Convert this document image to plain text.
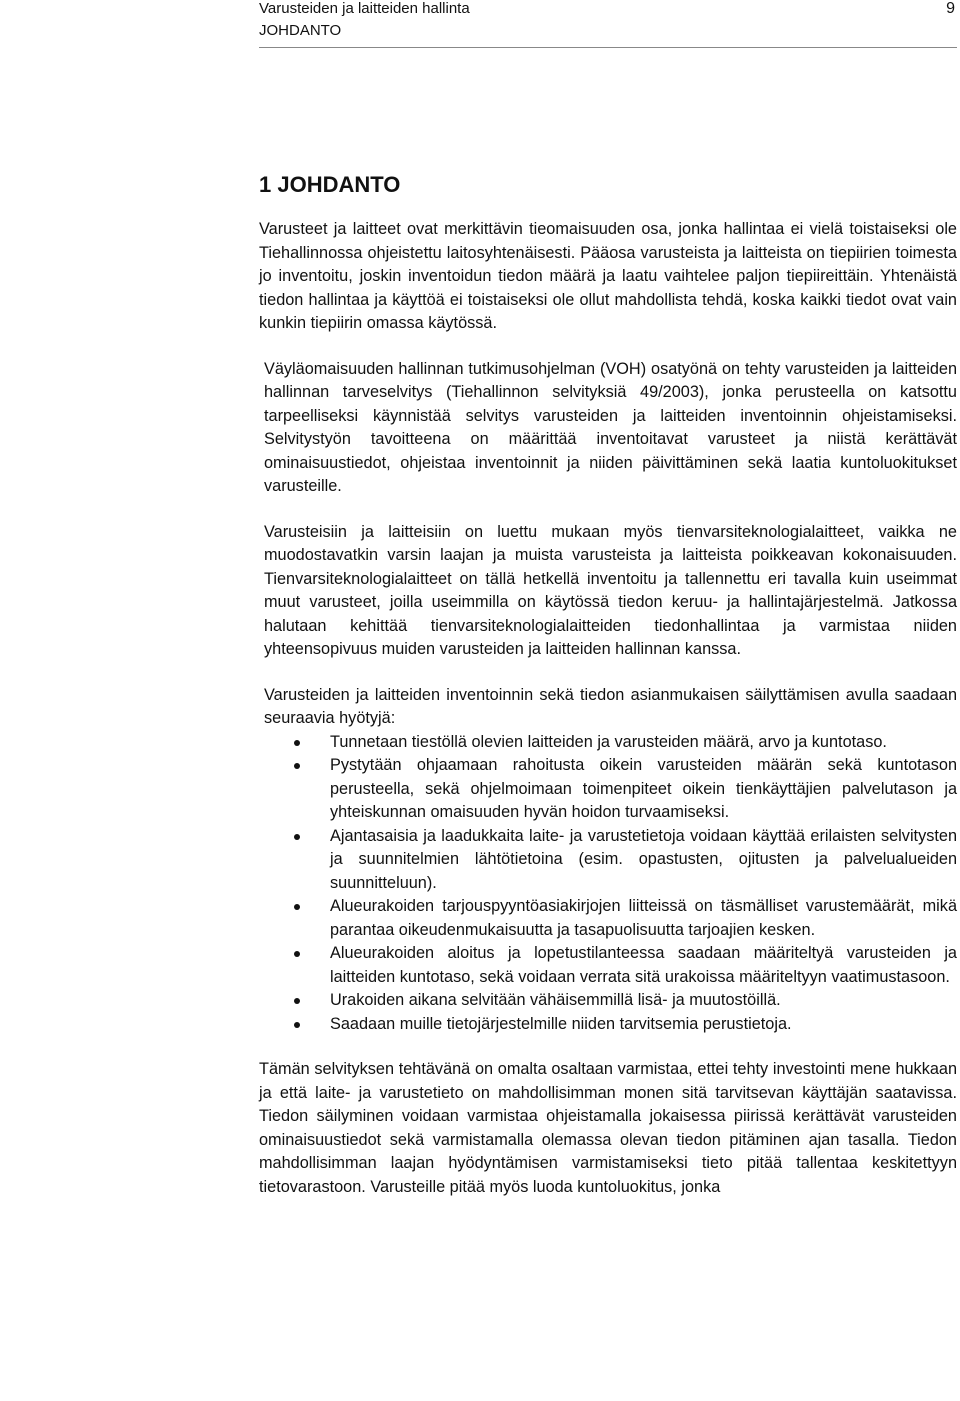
Varusteiden ja laitteiden hallinta
JOHDANTO
9
1 JOHDANTO

Varusteet ja laitteet ovat merkittävin tieomaisuuden osa, jonka hallintaa ei vielä toistaiseksi ole Tiehallinnossa ohjeistettu laitosyhtenäisesti. Pääosa varusteista ja laitteista on tiepiirien toimesta jo inventoitu, joskin inventoidun tiedon määrä ja laatu vaihtelee paljon tiepiireittäin. Yhtenäistä tiedon hallintaa ja käyttöä ei toistaiseksi ole ollut mahdollista tehdä, koska kaikki tiedot ovat vain kunkin tiepiirin omassa käytössä.

Väyläomaisuuden hallinnan tutkimusohjelman (VOH) osatyönä on tehty varusteiden ja laitteiden hallinnan tarveselvitys (Tiehallinnon selvityksiä 49/2003), jonka perusteella on katsottu tarpeelliseksi käynnistää selvitys varusteiden ja laitteiden inventoinnin ohjeistamiseksi. Selvitystyön tavoitteena on määrittää inventoitavat varusteet ja niistä kerättävät ominaisuustiedot, ohjeistaa inventoinnit ja niiden päivittäminen sekä laatia kuntoluokitukset varusteille.

Varusteisiin ja laitteisiin on luettu mukaan myös tienvarsiteknologialaitteet, vaikka ne muodostavatkin varsin laajan ja muista varusteista ja laitteista poikkeavan kokonaisuuden. Tienvarsiteknologialaitteet on tällä hetkellä inventoitu ja tallennettu eri tavalla kuin useimmat muut varusteet, joilla useimmilla on käytössä tiedon keruu- ja hallintajärjestelmä. Jatkossa halutaan kehittää tienvarsiteknologialaitteiden tiedonhallintaa ja varmistaa niiden yhteensopivuus muiden varusteiden ja laitteiden hallinnan kanssa.

Varusteiden ja laitteiden inventoinnin sekä tiedon asianmukaisen säilyttämisen avulla saadaan seuraavia hyötyjä:

Tunnetaan tiestöllä olevien laitteiden ja varusteiden määrä, arvo ja kuntotaso.
Pystytään ohjaamaan rahoitusta oikein varusteiden määrän sekä kuntotason perusteella, sekä ohjelmoimaan toimenpiteet oikein tienkäyttäjien palvelutason ja yhteiskunnan omaisuuden hyvän hoidon turvaamiseksi.
Ajantasaisia ja laadukkaita laite- ja varustetietoja voidaan käyttää erilaisten selvitysten ja suunnitelmien lähtötietoina (esim. opastusten, ojitusten ja palvelualueiden suunnitteluun).
Alueurakoiden tarjouspyyntöasiakirjojen liitteissä on täsmälliset varustemäärät, mikä parantaa oikeudenmukaisuutta ja tasapuolisuutta tarjoajien kesken.
Alueurakoiden aloitus ja lopetustilanteessa saadaan määriteltyä varusteiden ja laitteiden kuntotaso, sekä voidaan verrata sitä urakoissa määriteltyyn vaatimustasoon.
Urakoiden aikana selvitään vähäisemmillä lisä- ja muutostöillä.
Saadaan muille tietojärjestelmille niiden tarvitsemia perustietoja.

Tämän selvityksen tehtävänä on omalta osaltaan varmistaa, ettei tehty investointi mene hukkaan ja että laite- ja varustetieto on mahdollisimman monen sitä tarvitsevan käyttäjän saatavissa. Tiedon säilyminen voidaan varmistaa ohjeistamalla jokaisessa piirissä kerättävät varusteiden ominaisuustiedot sekä varmistamalla olemassa olevan tiedon pitäminen ajan tasalla. Tiedon mahdollisimman laajan hyödyntämisen varmistamiseksi tieto pitää tallentaa keskitettyyn tietovarastoon. Varusteille pitää myös luoda kuntoluokitus, jonka
